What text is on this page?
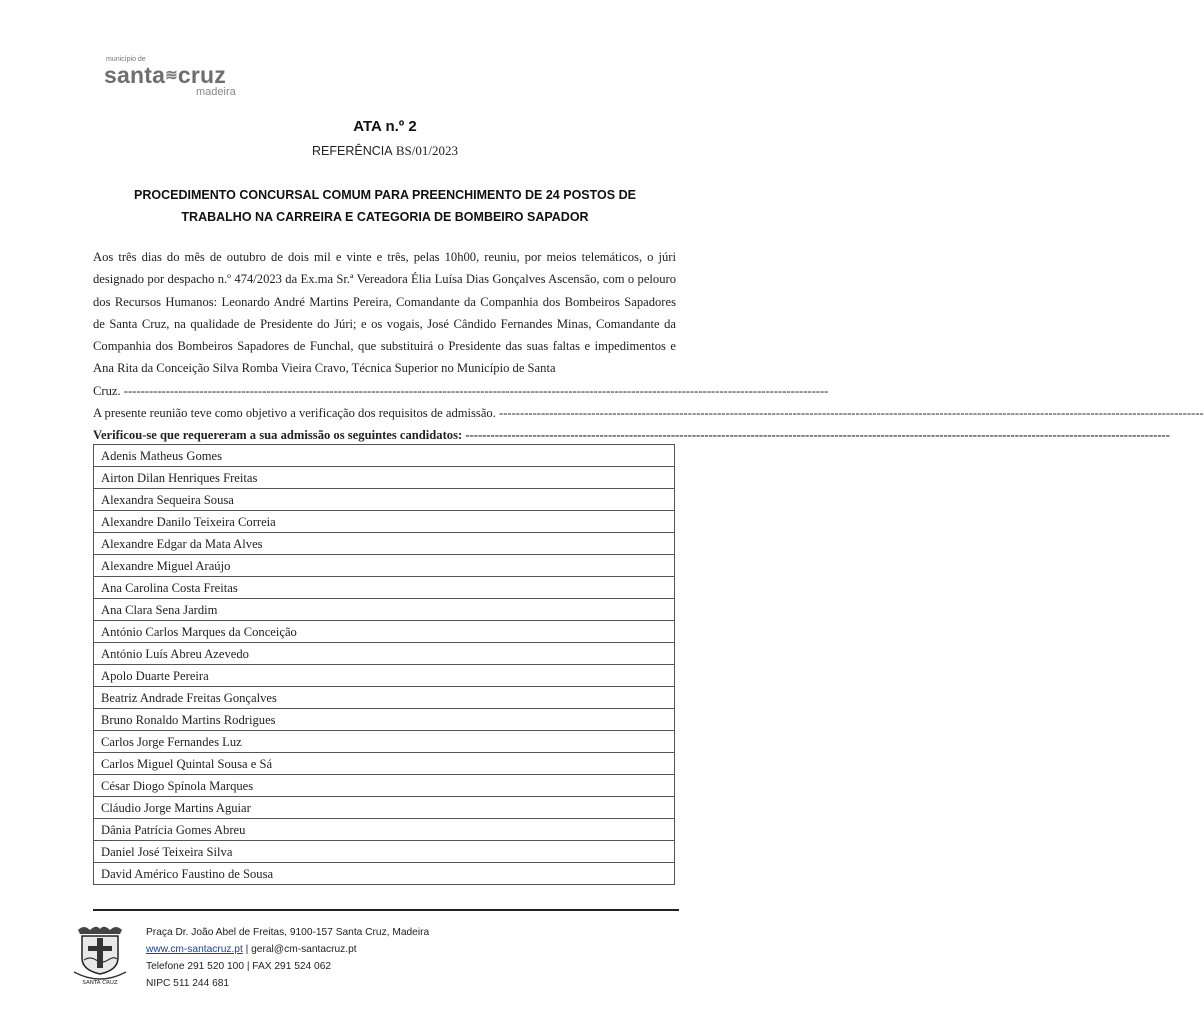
município de
santa≋cruz
madeira
ATA n.º 2
REFERÊNCIA BS/01/2023
PROCEDIMENTO CONCURSAL COMUM PARA PREENCHIMENTO DE 24 POSTOS DE
TRABALHO NA CARREIRA E CATEGORIA DE BOMBEIRO SAPADOR

Aos três dias do mês de outubro de dois mil e vinte e três, pelas 10h00, reuniu, por meios telemáticos, o júri designado por despacho n.º 474/2023 da Ex.ma Sr.ª Vereadora Élia Luísa Dias Gonçalves Ascensão, com o pelouro dos Recursos Humanos: Leonardo André Martins Pereira, Comandante da Companhia dos Bombeiros Sapadores de Santa Cruz, na qualidade de Presidente do Júri; e os vogais, José Cândido Fernandes Minas, Comandante da Companhia dos Bombeiros Sapadores de Funchal, que substituirá o Presidente das suas faltas e impedimentos e Ana Rita da Conceição Silva Romba Vieira Cravo, Técnica Superior no Município de Santa

Cruz.
------------------------------------------------------------------------------------------------------------------------------------------------------------------------
A presente reunião teve como objetivo a verificação dos requisitos de admissão.
------------------------------------------------------------------------------------------------------------------------------------------------------------------------
Verificou-se que requereram a sua admissão os seguintes candidatos:
------------------------------------------------------------------------------------------------------------------------------------------------------------------------
Adenis Matheus Gomes
Airton Dilan Henriques Freitas
Alexandra Sequeira Sousa
Alexandre Danilo Teixeira Correia
Alexandre Edgar da Mata Alves
Alexandre Miguel Araújo
Ana Carolina Costa Freitas
Ana Clara Sena Jardim
António Carlos Marques da Conceição
António Luís Abreu Azevedo
Apolo Duarte Pereira
Beatriz Andrade Freitas Gonçalves
Bruno Ronaldo Martins Rodrigues
Carlos Jorge Fernandes Luz
Carlos Miguel Quintal Sousa e Sá
César Diogo Spínola Marques
Cláudio Jorge Martins Aguiar
Dânia Patrícia Gomes Abreu
Daniel José Teixeira Silva
David Américo Faustino de Sousa
SANTA CRUZ
Praça Dr. João Abel de Freitas, 9100-157 Santa Cruz, Madeira
www.cm-santacruz.pt | geral@cm-santacruz.pt
Telefone 291 520 100 | FAX 291 524 062
NIPC 511 244 681
